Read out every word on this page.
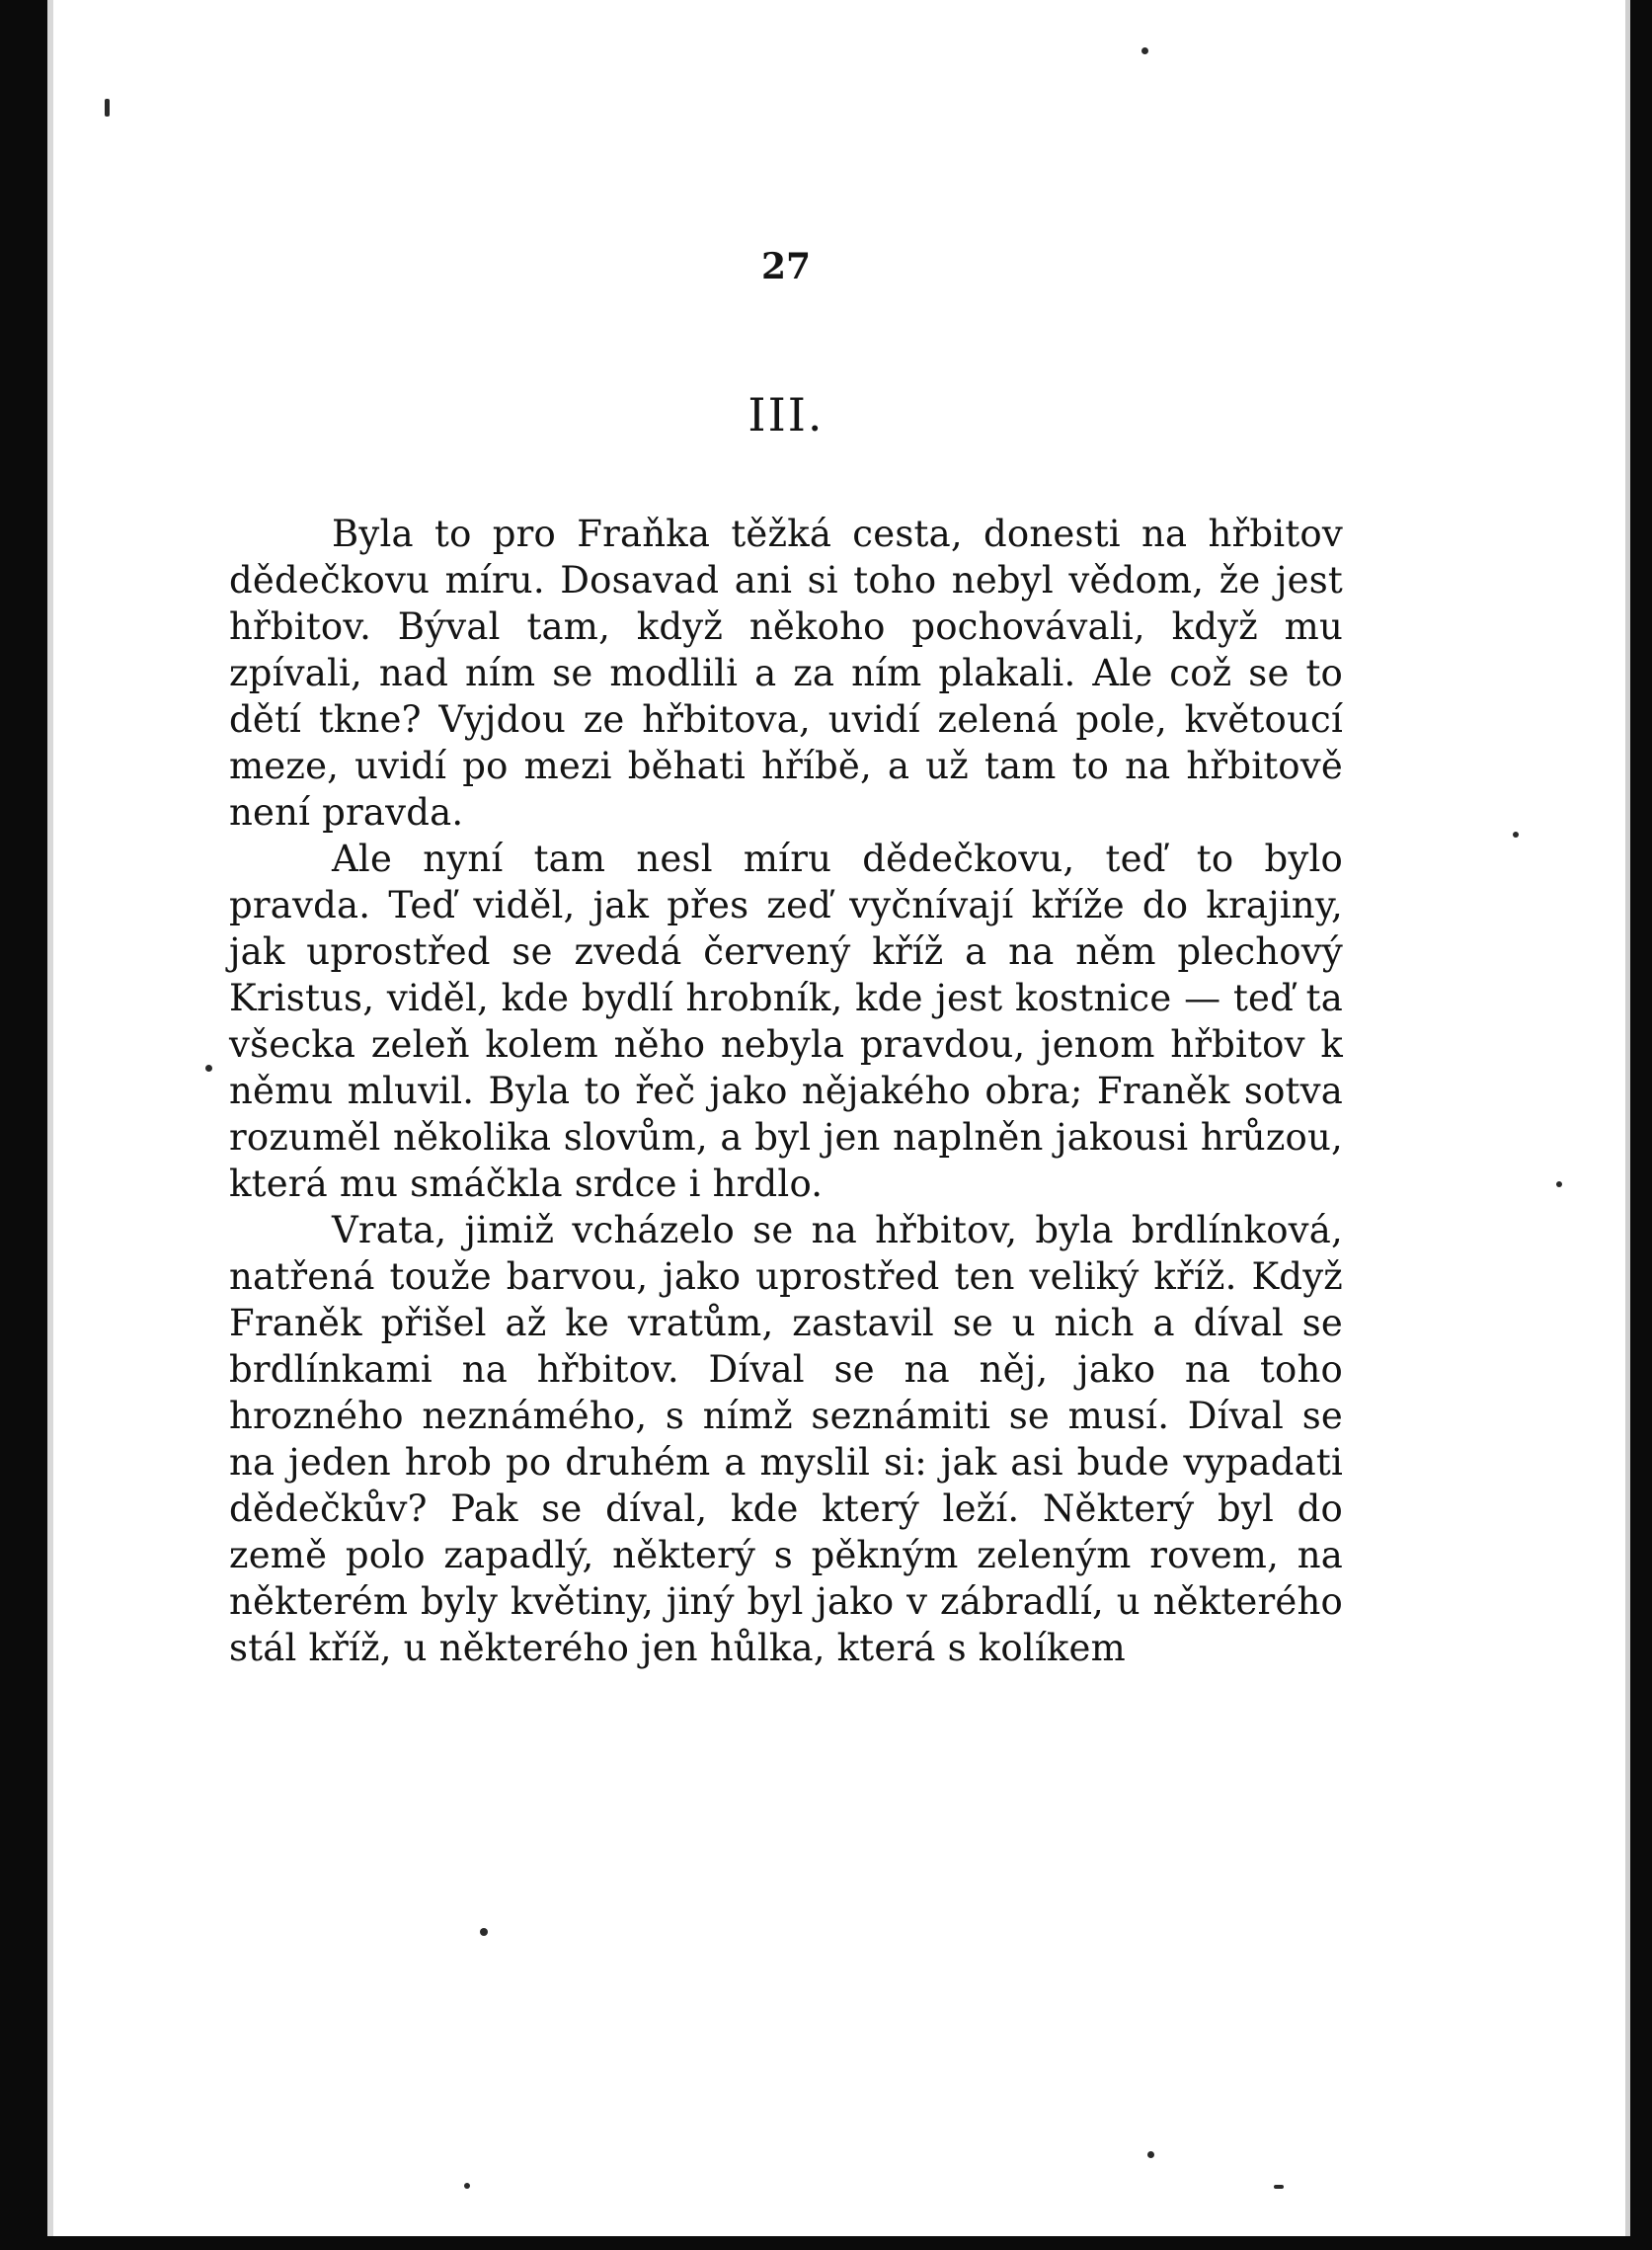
27
III.

Byla to pro Fraňka těžká cesta, donesti na hřbitov dědečkovu míru. Dosavad ani si toho nebyl vědom, že jest hřbitov. Býval tam, když někoho pochovávali, když mu zpívali, nad ním se modlili a za ním plakali. Ale což se to dětí tkne? Vyjdou ze hřbitova, uvidí zelená pole, květoucí meze, uvidí po mezi běhati hříbě, a už tam to na hřbitově není pravda.

Ale nyní tam nesl míru dědečkovu, teď to bylo pravda. Teď viděl, jak přes zeď vyčnívají kříže do krajiny, jak uprostřed se zvedá červený kříž a na něm plechový Kristus, viděl, kde bydlí hrobník, kde jest kostnice — teď ta všecka zeleň kolem něho nebyla pravdou, jenom hřbitov k němu mluvil. Byla to řeč jako nějakého obra; Franěk sotva rozuměl několika slovům, a byl jen naplněn jakousi hrůzou, která mu smáčkla srdce i hrdlo.

Vrata, jimiž vcházelo se na hřbitov, byla brdlínková, natřená touže barvou, jako uprostřed ten veliký kříž. Když Franěk přišel až ke vratům, zastavil se u nich a díval se brdlínkami na hřbitov. Díval se na něj, jako na toho hrozného neznámého, s nímž seznámiti se musí. Díval se na jeden hrob po druhém a myslil si: jak asi bude vypadati dědečkův? Pak se díval, kde který leží. Některý byl do země polo zapadlý, některý s pěkným zeleným rovem, na některém byly květiny, jiný byl jako v zábradlí, u některého stál kříž, u některého jen hůlka, která s kolíkem
